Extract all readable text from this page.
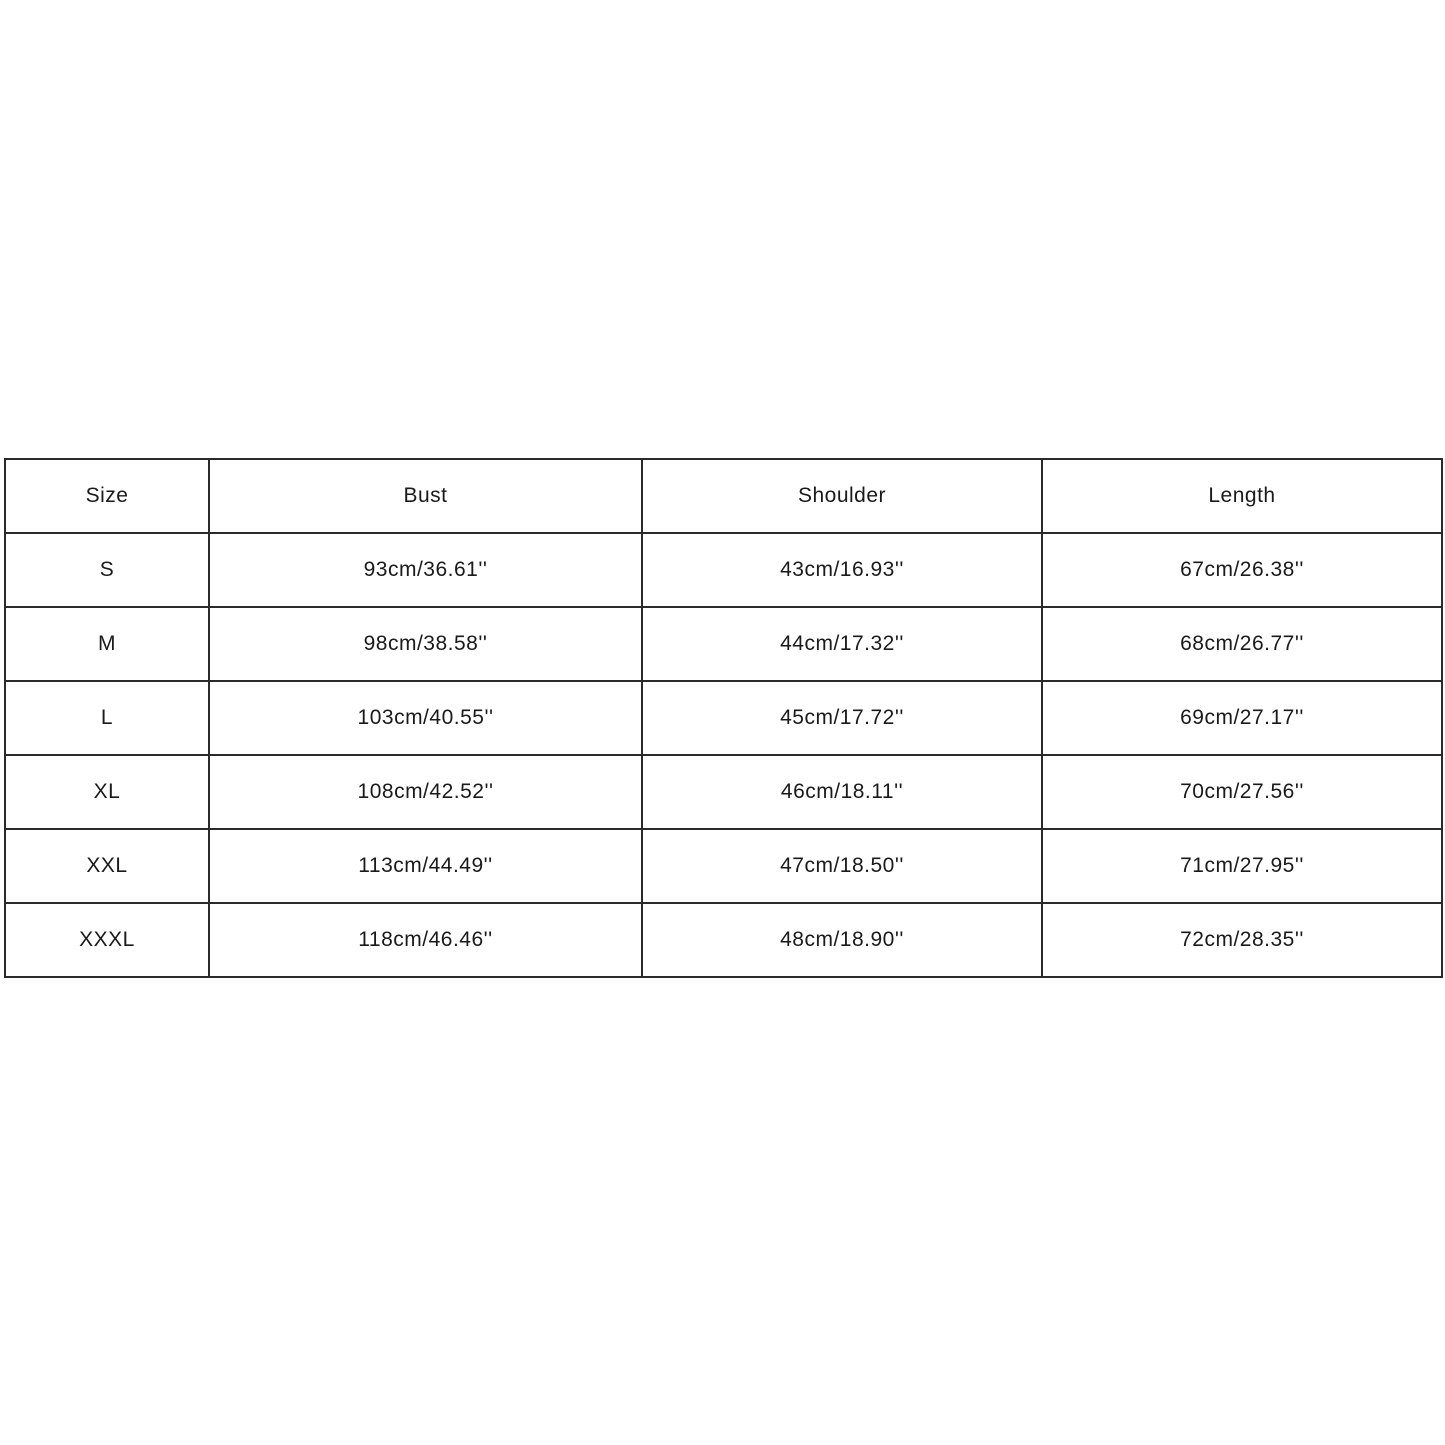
Size	Bust	Shoulder	Length
S	93cm/36.61''	43cm/16.93''	67cm/26.38''
M	98cm/38.58''	44cm/17.32''	68cm/26.77''
L	103cm/40.55''	45cm/17.72''	69cm/27.17''
XL	108cm/42.52''	46cm/18.11''	70cm/27.56''
XXL	113cm/44.49''	47cm/18.50''	71cm/27.95''
XXXL	118cm/46.46''	48cm/18.90''	72cm/28.35''
